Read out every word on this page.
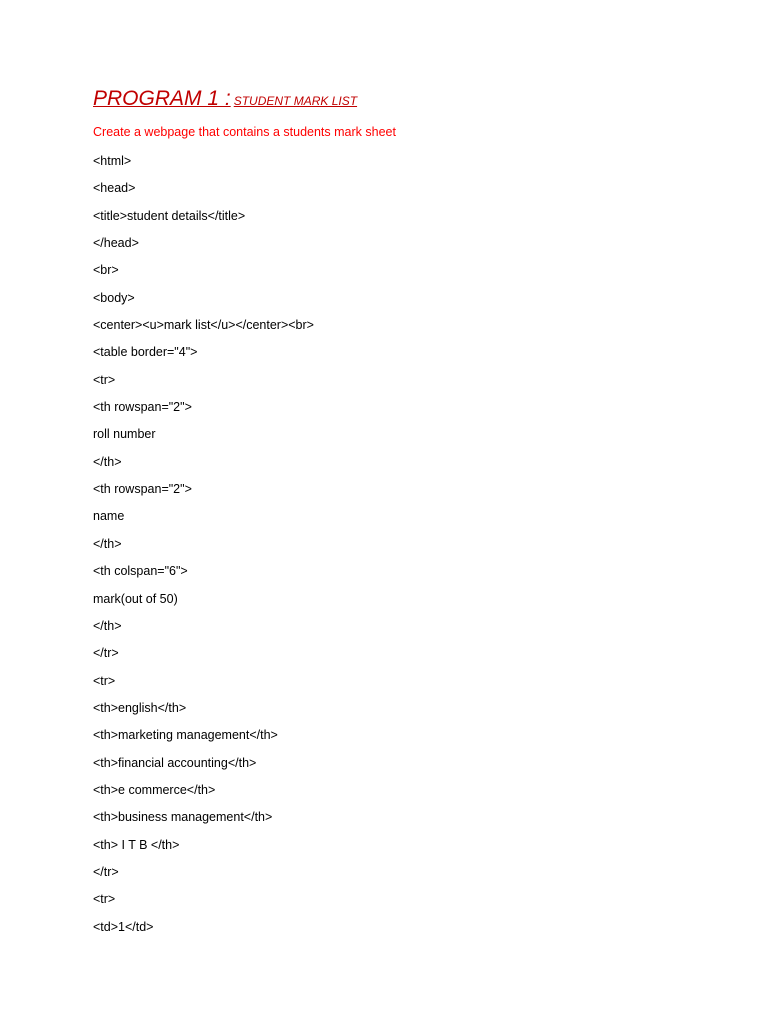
PROGRAM 1 : STUDENT MARK LIST
Create a webpage that contains a students mark sheet
<html>
<head>
<title>student details</title>
</head>
<br>
<body>
<center><u>mark list</u></center><br>
<table border="4">
<tr>
<th rowspan="2">
roll number
</th>
<th rowspan="2">
name
</th>
<th colspan="6">
mark(out of 50)
</th>
</tr>
<tr>
<th>english</th>
<th>marketing management</th>
<th>financial accounting</th>
<th>e commerce</th>
<th>business management</th>
<th> I T B </th>
</tr>
<tr>
<td>1</td>
